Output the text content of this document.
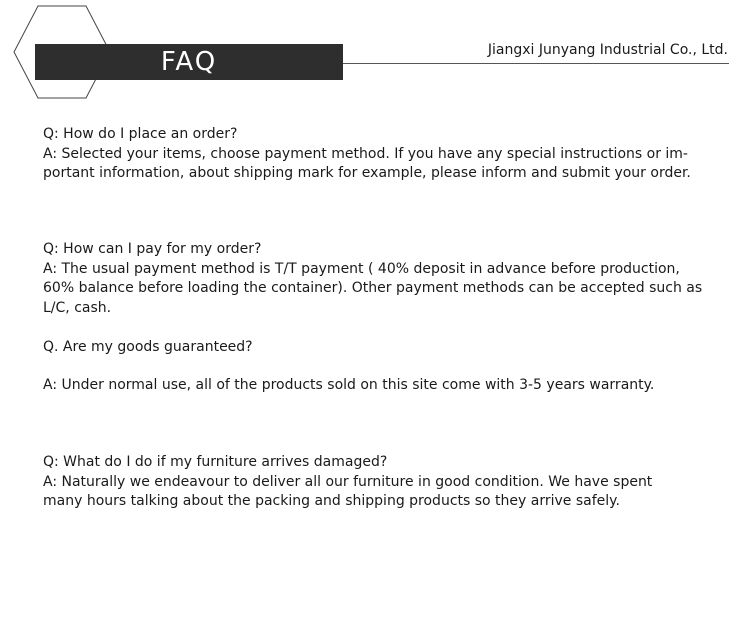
FAQ	Jiangxi Junyang Industrial Co., Ltd.

Q: How do I place an order?

A: Selected your items, choose payment method. If you have any special instructions or im-

portant information, about shipping mark for example, please inform and submit your order.

Q: How can I pay for my order?

A: The usual payment method is T/T payment ( 40% deposit in advance before production,

60% balance before loading the container). Other payment methods can be accepted such as

L/C, cash.

Q. Are my goods guaranteed?

A: Under normal use, all of the products sold on this site come with 3-5 years warranty.

Q: What do I do if my furniture arrives damaged?

A: Naturally we endeavour to deliver all our furniture in good condition. We have spent

many hours talking about the packing and shipping products so they arrive safely.
